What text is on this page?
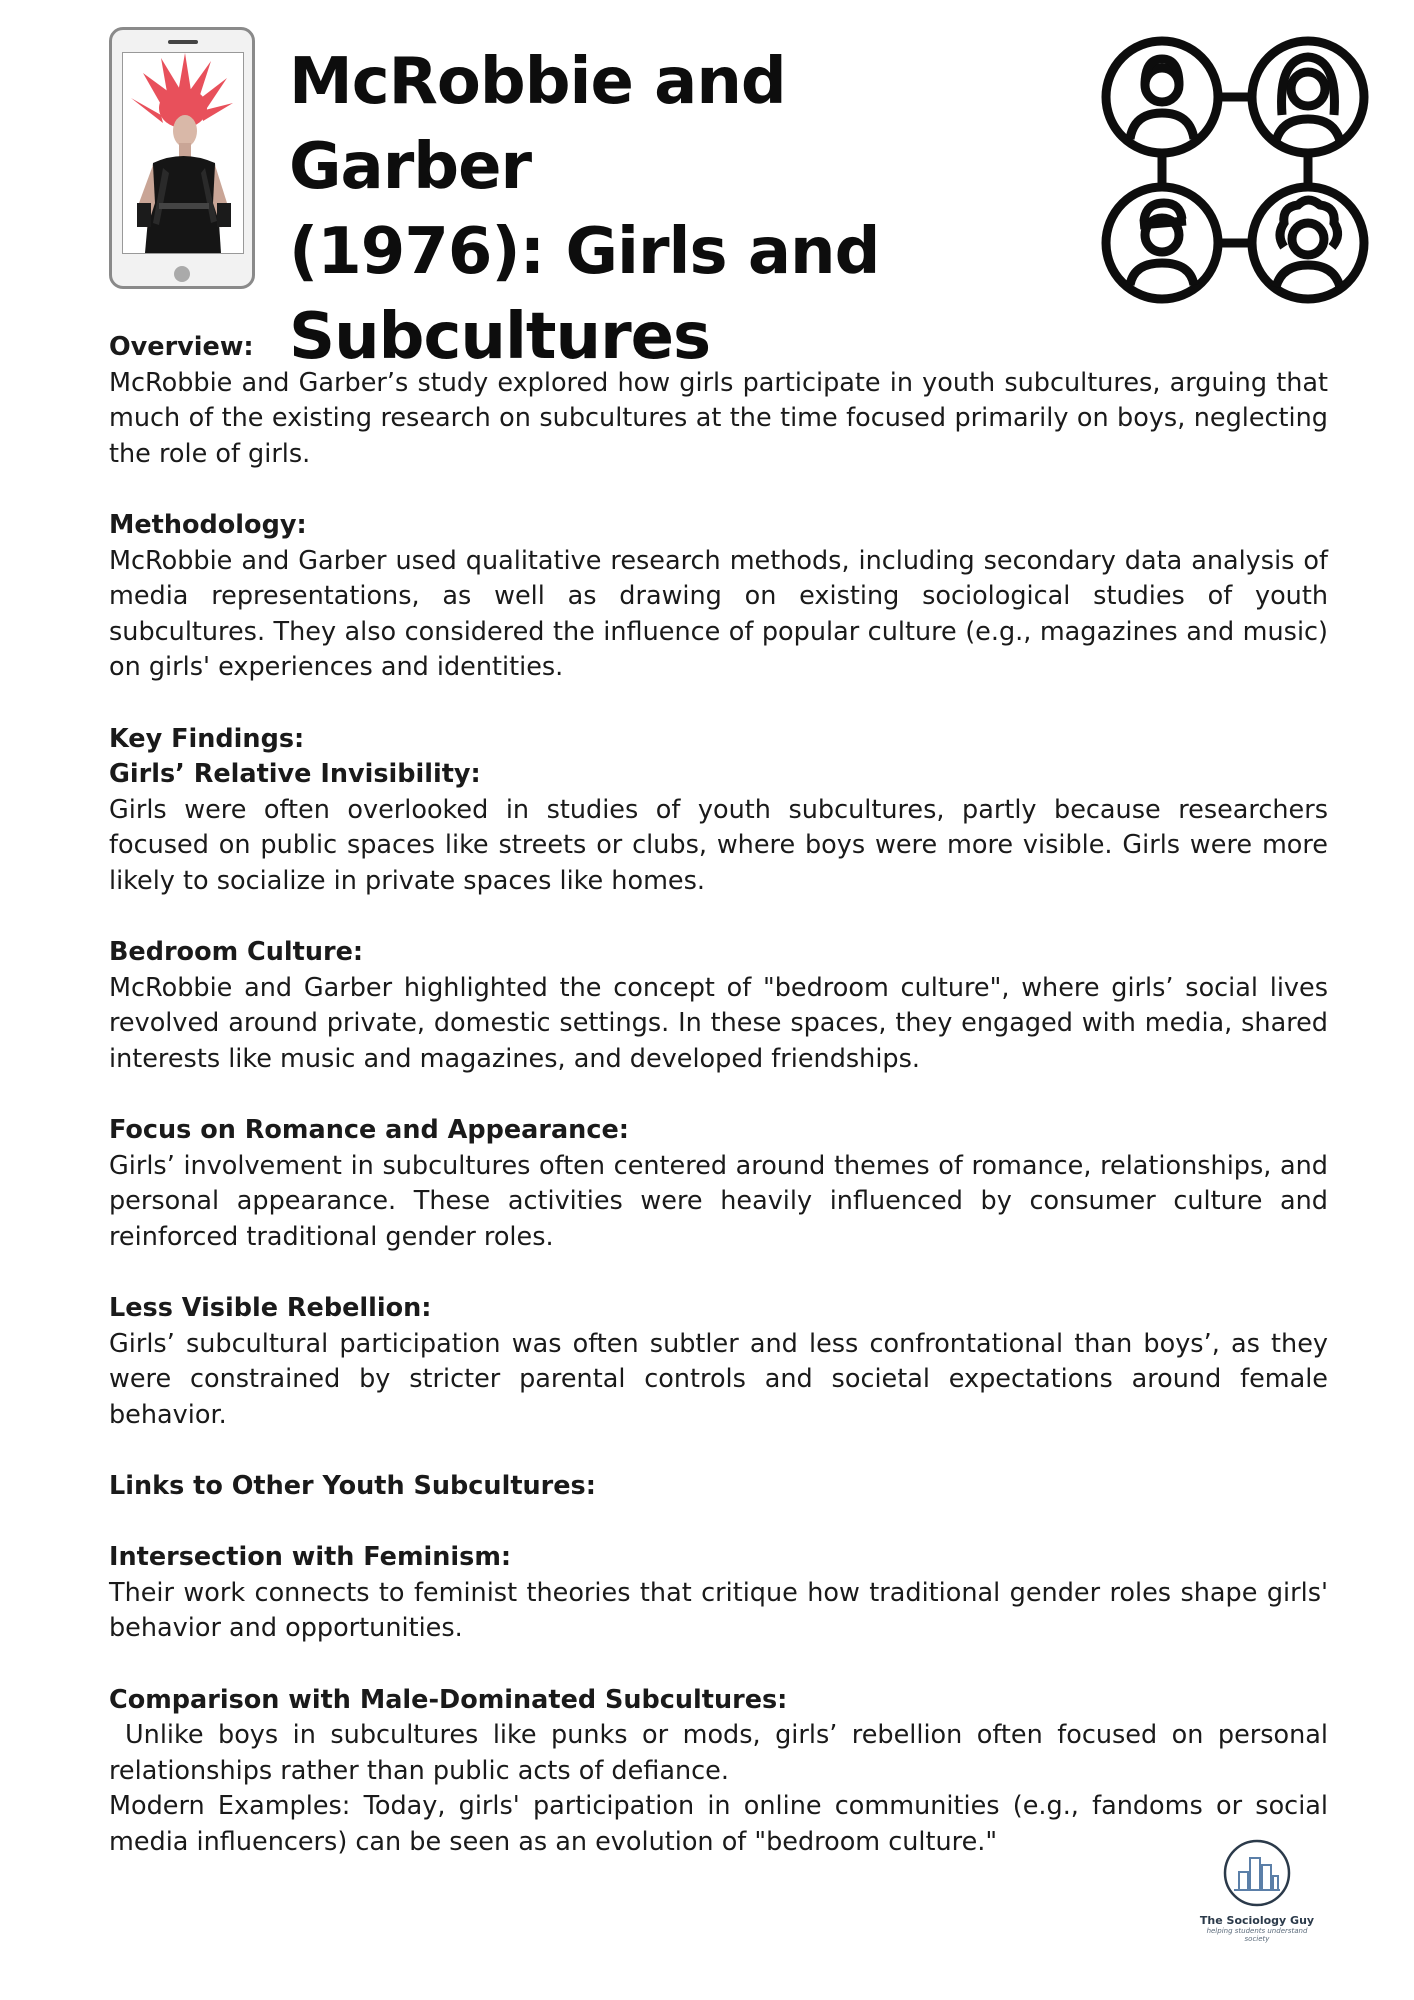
McRobbie and Garber
(1976): Girls and
Subcultures
Overview:

McRobbie and Garber’s study explored how girls participate in youth subcultures, arguing that much of the existing research on subcultures at the time focused primarily on boys, neglecting the role of girls.

Methodology:

McRobbie and Garber used qualitative research methods, including secondary data analysis of media representations, as well as drawing on existing sociological studies of youth subcultures. They also considered the influence of popular culture (e.g., magazines and music) on girls' experiences and identities.

Key Findings:
Girls’ Relative Invisibility:

Girls were often overlooked in studies of youth subcultures, partly because researchers focused on public spaces like streets or clubs, where boys were more visible. Girls were more likely to socialize in private spaces like homes.

Bedroom Culture:

McRobbie and Garber highlighted the concept of "bedroom culture", where girls’ social lives revolved around private, domestic settings. In these spaces, they engaged with media, shared interests like music and magazines, and developed friendships.

Focus on Romance and Appearance:

Girls’ involvement in subcultures often centered around themes of romance, relationships, and personal appearance. These activities were heavily influenced by consumer culture and reinforced traditional gender roles.

Less Visible Rebellion:

Girls’ subcultural participation was often subtler and less confrontational than boys’, as they were constrained by stricter parental controls and societal expectations around female behavior.

Links to Other Youth Subcultures:
Intersection with Feminism:

Their work connects to feminist theories that critique how traditional gender roles shape girls' behavior and opportunities.

Comparison with Male-Dominated Subcultures:

Unlike boys in subcultures like punks or mods, girls’ rebellion often focused on personal relationships rather than public acts of defiance.

Modern Examples: Today, girls' participation in online communities (e.g., fandoms or social media influencers) can be seen as an evolution of "bedroom culture."

The Sociology Guy
helping students understand society
